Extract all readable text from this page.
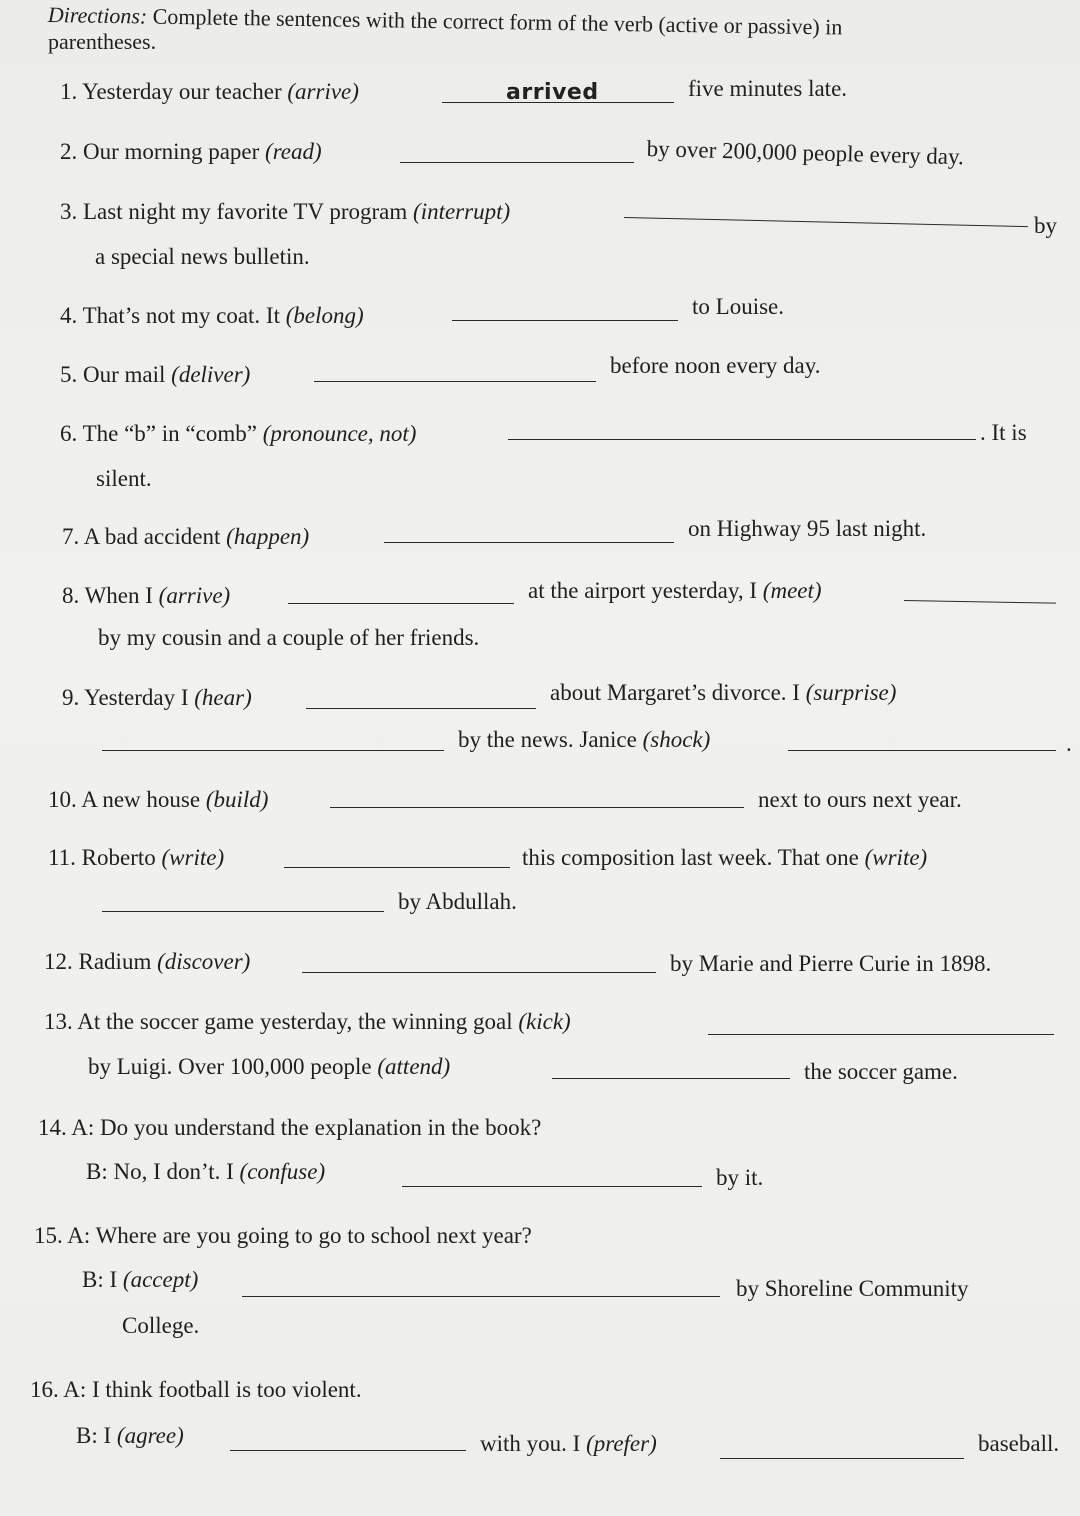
Directions: Complete the sentences with the correct form of the verb (active or passive) in
parentheses.
1. Yesterday our teacher (arrive)	arrived	five minutes late.
2. Our morning paper (read)	by over 200,000 people every day.
3. Last night my favorite TV program (interrupt)
by
a special news bulletin.
4. That’s not my coat. It (belong)	to Louise.
5. Our mail (deliver)	before noon every day.
6. The “b” in “comb” (pronounce, not)	. It is
silent.
7. A bad accident (happen)	on Highway 95 last night.
8. When I (arrive)	at the airport yesterday, I (meet)
by my cousin and a couple of her friends.
9. Yesterday I (hear)	about Margaret’s divorce. I (surprise)
by the news. Janice (shock)	.
10. A new house (build)	next to ours next year.
11. Roberto (write)	this composition last week. That one (write)
by Abdullah.
12. Radium (discover)	by Marie and Pierre Curie in 1898.
13. At the soccer game yesterday, the winning goal (kick)
by Luigi. Over 100,000 people (attend)	the soccer game.
14. A: Do you understand the explanation in the book?
B: No, I don’t. I (confuse)	by it.
15. A: Where are you going to go to school next year?
B: I (accept)	by Shoreline Community
College.
16. A: I think football is too violent.
B: I (agree)	with you. I (prefer)	baseball.
